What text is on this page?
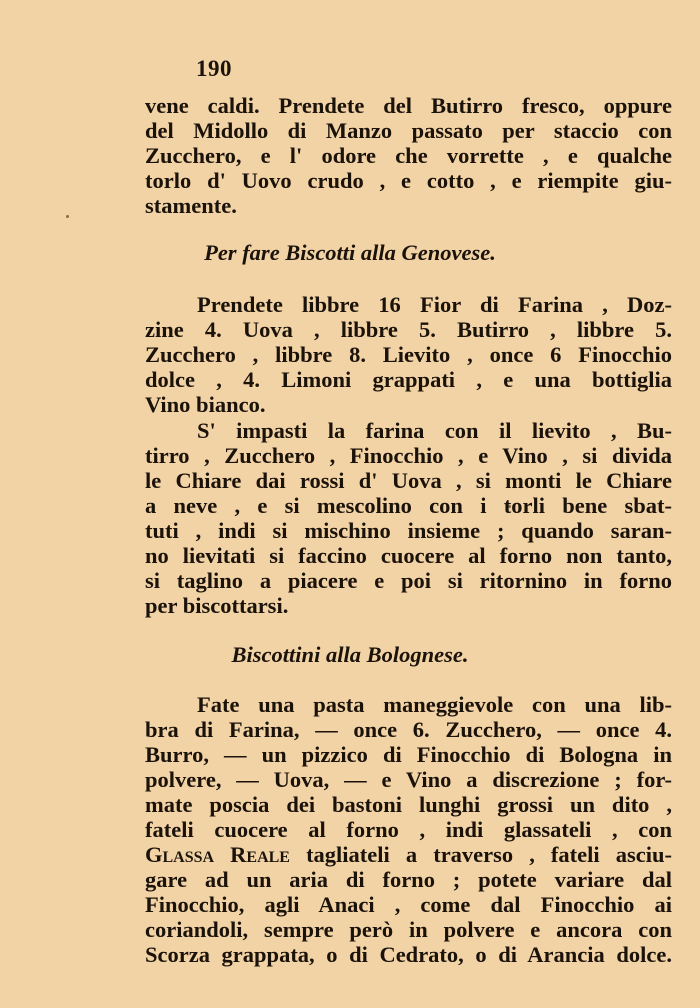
190
vene caldi. Prendete del Butirro fresco, oppure
del Midollo di Manzo passato per staccio con
Zucchero, e l' odore che vorrette , e qualche
torlo d' Uovo crudo , e cotto , e riempite giu-
stamente.
Per fare Biscotti alla Genovese.
Prendete libbre 16 Fior di Farina , Doz-
zine 4. Uova , libbre 5. Butirro , libbre 5.
Zucchero , libbre 8. Lievito , once 6 Finocchio
dolce , 4. Limoni grappati , e una bottiglia
Vino bianco.
S' impasti la farina con il lievito , Bu-
tirro , Zucchero , Finocchio , e Vino , si divida
le Chiare dai rossi d' Uova , si monti le Chiare
a neve , e si mescolino con i torli bene sbat-
tuti , indi si mischino insieme ; quando saran-
no lievitati si faccino cuocere al forno non tanto,
si taglino a piacere e poi si ritornino in forno
per biscottarsi.
Biscottini alla Bolognese.
Fate una pasta maneggievole con una lib-
bra di Farina, — once 6. Zucchero, — once 4.
Burro, — un pizzico di Finocchio di Bologna in
polvere, — Uova, — e Vino a discrezione ; for-
mate poscia dei bastoni lunghi grossi un dito ,
fateli cuocere al forno , indi glassateli , con
Glassa Reale tagliateli a traverso , fateli asciu-
gare ad un aria di forno ; potete variare dal
Finocchio, agli Anaci , come dal Finocchio ai
coriandoli, sempre però in polvere e ancora con
Scorza grappata, o di Cedrato, o di Arancia dolce.
